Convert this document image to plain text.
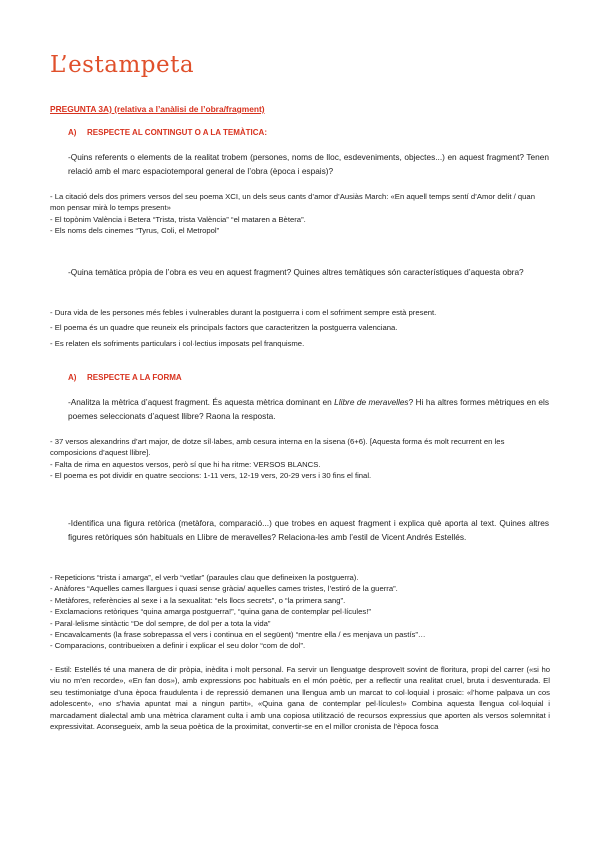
L’estampeta
PREGUNTA 3A) (relativa a l’anàlisi de l’obra/fragment)
A) RESPECTE AL CONTINGUT O A LA TEMÀTICA:
-Quins referents o elements de la realitat trobem (persones, noms de lloc, esdeveniments, objectes...) en aquest fragment? Tenen relació amb el marc espaciotemporal general de l’obra (època i espais)?

- La citació dels dos primers versos del seu poema XCI, un dels seus cants d’amor d’Ausiàs March: «En aquell temps sentí d’Amor delit / quan mon pensar mirà lo temps present»

- El topònim València i Betera “Trista, trista València” “el mataren a Bètera”.

- Els noms dels cinemes “Tyrus, Coli, el Metropol”

-Quina temàtica pròpia de l’obra es veu en aquest fragment? Quines altres temàtiques són característiques d’aquesta obra?

- Dura vida de les persones més febles i vulnerables durant la postguerra i com el sofriment sempre està present.

- El poema és un quadre que reuneix els principals factors que caracteritzen la postguerra valenciana.

- Es relaten els sofriments particulars i col·lectius imposats pel franquisme.

A) RESPECTE A LA FORMA
-Analitza la mètrica d’aquest fragment. És aquesta mètrica dominant en Llibre de meravelles? Hi ha altres formes mètriques en els poemes seleccionats d’aquest llibre? Raona la resposta.

- 37 versos alexandrins d’art major, de dotze síl·labes, amb cesura interna en la sisena (6+6). [Aquesta forma és molt recurrent en les composicions d’aquest llibre].

- Falta de rima en aquestos versos, però sí que hi ha ritme: VERSOS BLANCS.

- El poema es pot dividir en quatre seccions: 1-11 vers, 12-19 vers, 20-29 vers i 30 fins el final.

-Identifica una figura retòrica (metàfora, comparació...) que trobes en aquest fragment i explica què aporta al text. Quines altres figures retòriques són habituals en Llibre de meravelles? Relaciona-les amb l’estil de Vicent Andrés Estellés.

- Repeticions “trista i amarga”, el verb “vetlar” (paraules clau que defineixen la postguerra).

- Anàfores “Aquelles cames llargues i quasi sense gràcia/ aquelles cames tristes, l’estiró de la guerra”.

- Metàfores, referències al sexe i a la sexualitat: “els llocs secrets”, o “la primera sang”.

- Exclamacions retòriques “quina amarga postguerra!”, “quina gana de contemplar pel·lícules!”

- Paral·lelisme sintàctic “De dol sempre, de dol per a tota la vida”

- Encavalcaments (la frase sobrepassa el vers i continua en el següent) “mentre ella / es menjava un pastís”…

- Comparacions, contribueixen a definir i explicar el seu dolor “com de dol”.

- Estil: Estellés té una manera de dir pròpia, inèdita i molt personal. Fa servir un llenguatge desproveït sovint de floritura, propi del carrer («si ho viu no m’en recorde», «En fan dos»), amb expressions poc habituals en el món poètic, per a reflectir una realitat cruel, bruta i desventurada. El seu testimoniatge d’una època fraudulenta i de repressió demanen una llengua amb un marcat to col·loquial i prosaic: «l’home palpava un cos adolescent», «no s’havia apuntat mai a ningun partit», «Quina gana de contemplar pel·lícules!» Combina aquesta llengua col·loquial i marcadament dialectal amb una mètrica clarament culta i amb una copiosa utilització de recursos expressius que aporten als versos solemnitat i expressivitat. Aconsegueix, amb la seua poètica de la proximitat, convertir-se en el millor cronista de l’època fosca
